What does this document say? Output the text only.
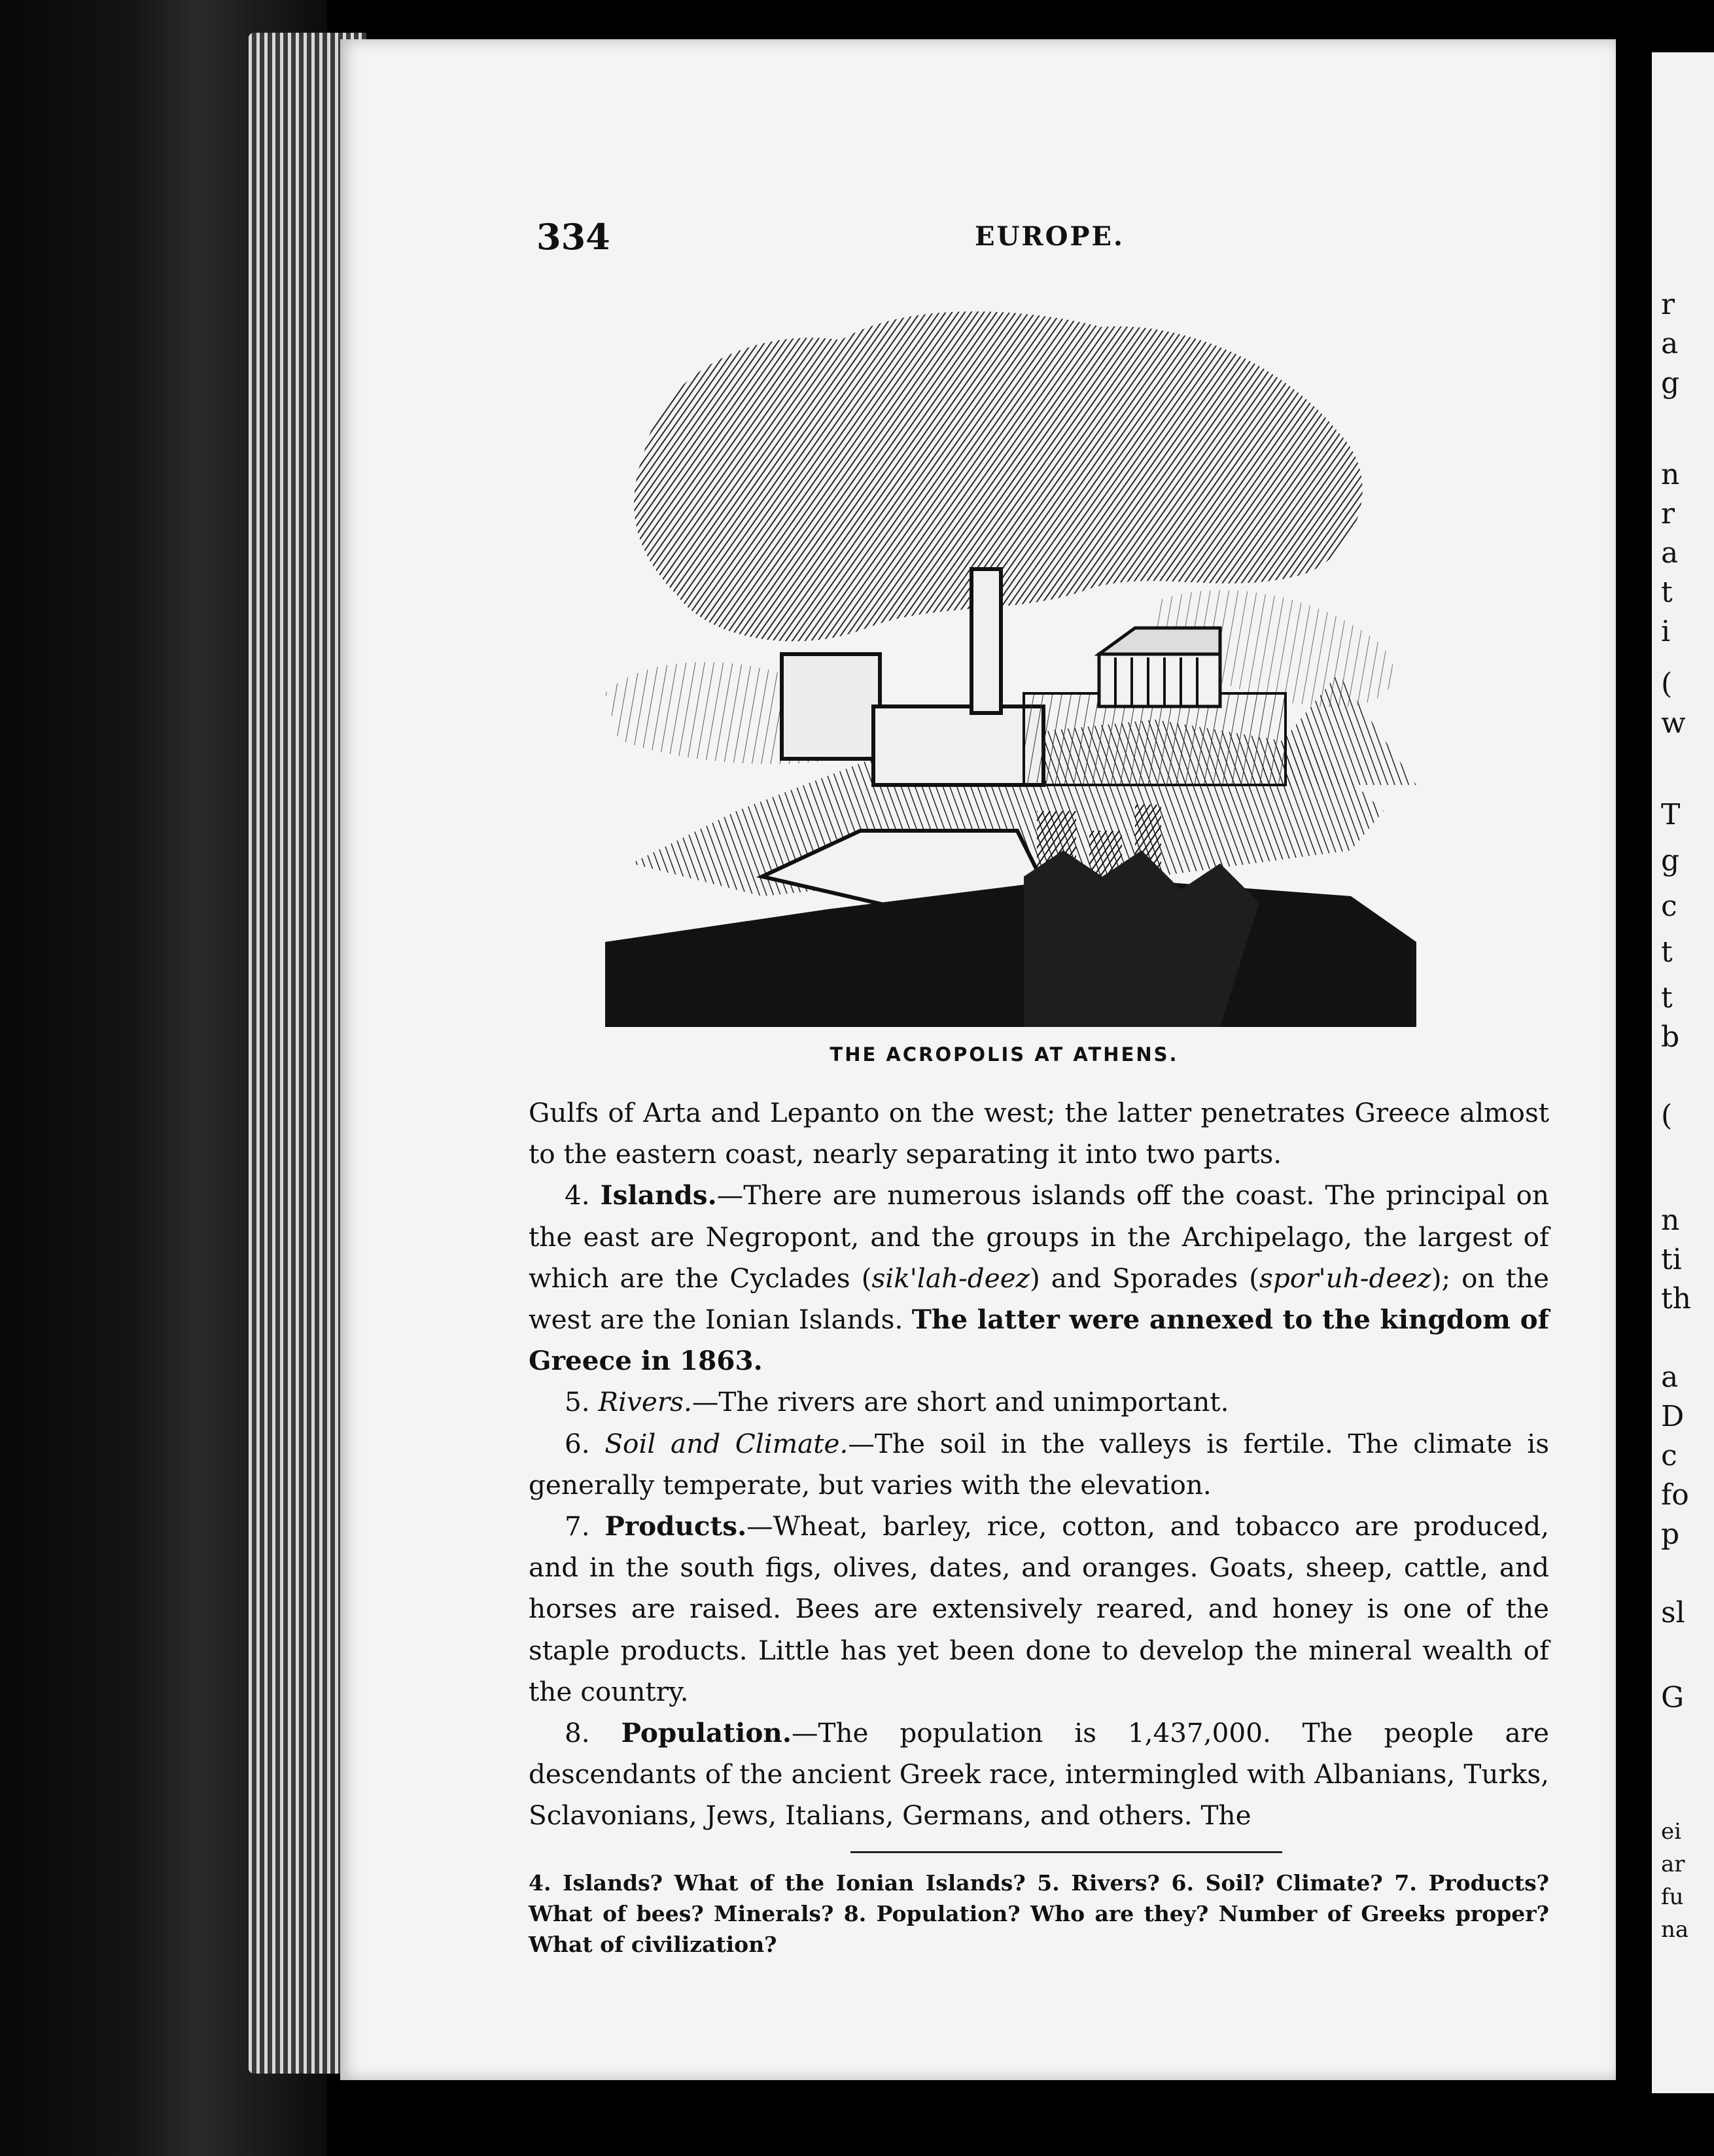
r
a
g
n
r
a
t
i
(
w
T
g
c
t
t
b
(
n
ti
th
a
D
c
fo
p
sl
G
ei
ar
fu
na
334	EUROPE.
THE ACROPOLIS AT ATHENS.

Gulfs of Arta and Lepanto on the west; the latter penetrates Greece almost to the eastern coast, nearly separating it into two parts.

4. Islands.—There are numerous islands off the coast. The principal on the east are Negropont, and the groups in the Archipelago, the largest of which are the Cyclades (sik'lah-deez) and Sporades (spor'uh-deez); on the west are the Ionian Islands. The latter were annexed to the kingdom of Greece in 1863.

5. Rivers.—The rivers are short and unimportant.

6. Soil and Climate.—The soil in the valleys is fertile. The climate is generally temperate, but varies with the elevation.

7. Products.—Wheat, barley, rice, cotton, and tobacco are produced, and in the south figs, olives, dates, and oranges. Goats, sheep, cattle, and horses are raised. Bees are extensively reared, and honey is one of the staple products. Little has yet been done to develop the mineral wealth of the country.

8. Population.—The population is 1,437,000. The people are descendants of the ancient Greek race, intermingled with Albanians, Turks, Sclavonians, Jews, Italians, Germans, and others. The

4. Islands? What of the Ionian Islands? 5. Rivers? 6. Soil? Climate? 7. Products? What of bees? Minerals? 8. Population? Who are they? Number of Greeks proper? What of civilization?
